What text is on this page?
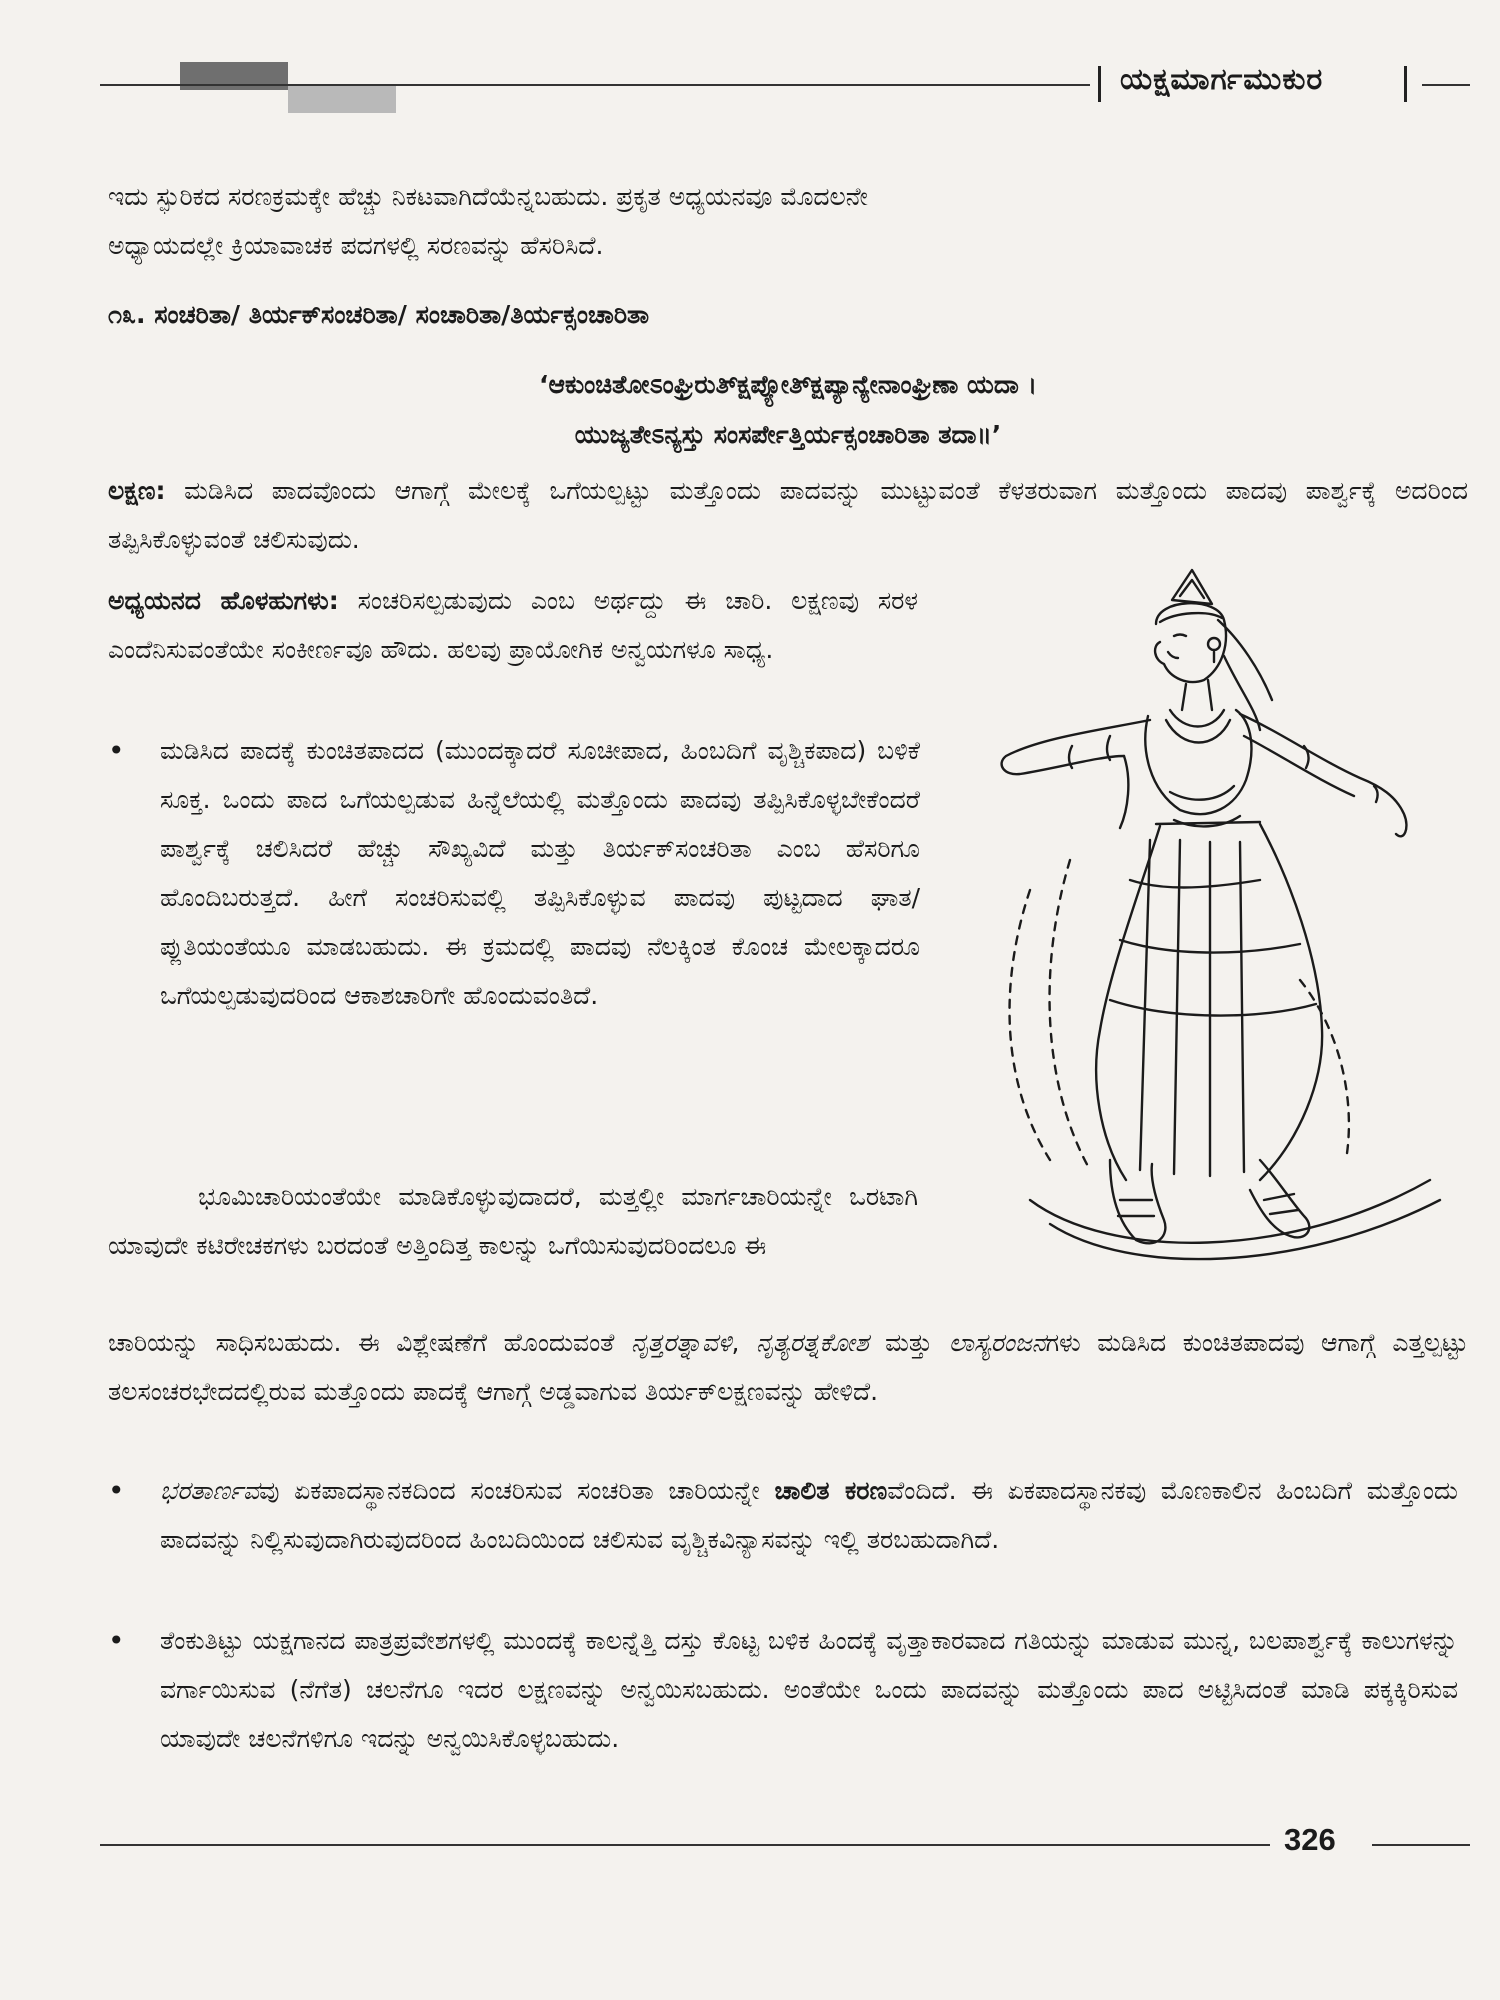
ಯಕ್ಷಮಾರ್ಗಮುಕುರ
ಇದು ಸ್ಫುರಿಕದ ಸರಣಕ್ರಮಕ್ಕೇ ಹೆಚ್ಚು ನಿಕಟವಾಗಿದೆಯೆನ್ನಬಹುದು. ಪ್ರಕೃತ ಅಧ್ಯಯನವೂ ಮೊದಲನೇ
ಅಧ್ಯಾಯದಲ್ಲೇ ಕ್ರಿಯಾವಾಚಕ ಪದಗಳಲ್ಲಿ ಸರಣವನ್ನು ಹೆಸರಿಸಿದೆ.
೧೩. ಸಂಚರಿತಾ/ ತಿರ್ಯಕ್‌ಸಂಚರಿತಾ/ ಸಂಚಾರಿತಾ/ತಿರ್ಯಕ್ಸಂಚಾರಿತಾ
‘ಆಕುಂಚಿತೋಽಂಘ್ರಿರುತ್ಕ್ಷಿಪ್ಯೋತ್ಕ್ಷಿಪ್ಯಾನ್ಯೇನಾಂಘ್ರಿಣಾ ಯದಾ ।
ಯುಜ್ಯತೇಽನ್ಯಸ್ತು ಸಂಸರ್ಪೇತ್ತಿರ್ಯಕ್ಸಂಚಾರಿತಾ ತದಾ॥’

ಲಕ್ಷಣ: ಮಡಿಸಿದ ಪಾದವೊಂದು ಆಗಾಗ್ಗೆ ಮೇಲಕ್ಕೆ ಒಗೆಯಲ್ಪಟ್ಟು ಮತ್ತೊಂದು ಪಾದವನ್ನು ಮುಟ್ಟುವಂತೆ ಕೆಳತರುವಾಗ ಮತ್ತೊಂದು ಪಾದವು ಪಾರ್ಶ್ವಕ್ಕೆ ಅದರಿಂದ ತಪ್ಪಿಸಿಕೊಳ್ಳುವಂತೆ ಚಲಿಸುವುದು.

ಅಧ್ಯಯನದ ಹೊಳಹುಗಳು: ಸಂಚರಿಸಲ್ಪಡುವುದು ಎಂಬ ಅರ್ಥದ್ದು ಈ ಚಾರಿ. ಲಕ್ಷಣವು ಸರಳ ಎಂದೆನಿಸುವಂತೆಯೇ ಸಂಕೀರ್ಣವೂ ಹೌದು. ಹಲವು ಪ್ರಾಯೋಗಿಕ ಅನ್ವಯಗಳೂ ಸಾಧ್ಯ.

• ಮಡಿಸಿದ ಪಾದಕ್ಕೆ ಕುಂಚಿತಪಾದದ (ಮುಂದಕ್ಕಾದರೆ ಸೂಚೀಪಾದ, ಹಿಂಬದಿಗೆ ವೃಶ್ಚಿಕಪಾದ) ಬಳಿಕೆ ಸೂಕ್ತ. ಒಂದು ಪಾದ ಒಗೆಯಲ್ಪಡುವ ಹಿನ್ನೆಲೆಯಲ್ಲಿ ಮತ್ತೊಂದು ಪಾದವು ತಪ್ಪಿಸಿಕೊಳ್ಳಬೇಕೆಂದರೆ ಪಾರ್ಶ್ವಕ್ಕೆ ಚಲಿಸಿದರೆ ಹೆಚ್ಚು ಸೌಖ್ಯವಿದೆ ಮತ್ತು ತಿರ್ಯಕ್‌ಸಂಚರಿತಾ ಎಂಬ ಹೆಸರಿಗೂ ಹೊಂದಿಬರುತ್ತದೆ. ಹೀಗೆ ಸಂಚರಿಸುವಲ್ಲಿ ತಪ್ಪಿಸಿಕೊಳ್ಳುವ ಪಾದವು ಪುಟ್ಟದಾದ ಘಾತ/ಪ್ಲುತಿಯಂತೆಯೂ ಮಾಡಬಹುದು. ಈ ಕ್ರಮದಲ್ಲಿ ಪಾದವು ನೆಲಕ್ಕಿಂತ ಕೊಂಚ ಮೇಲಕ್ಕಾದರೂ ಒಗೆಯಲ್ಪಡುವುದರಿಂದ ಆಕಾಶಚಾರಿಗೇ ಹೊಂದುವಂತಿದೆ.

ಭೂಮಿಚಾರಿಯಂತೆಯೇ ಮಾಡಿಕೊಳ್ಳುವುದಾದರೆ, ಮತ್ತಲ್ಲೀ ಮಾರ್ಗಚಾರಿಯನ್ನೇ ಒರಟಾಗಿ ಯಾವುದೇ ಕಟಿರೇಚಕಗಳು ಬರದಂತೆ ಅತ್ತಿಂದಿತ್ತ ಕಾಲನ್ನು ಒಗೆಯಿಸುವುದರಿಂದಲೂ ಈ

ಚಾರಿಯನ್ನು ಸಾಧಿಸಬಹುದು. ಈ ವಿಶ್ಲೇಷಣೆಗೆ ಹೊಂದುವಂತೆ ನೃತ್ತರತ್ನಾವಳಿ, ನೃತ್ಯರತ್ನಕೋಶ ಮತ್ತು ಲಾಸ್ಯರಂಜನಗಳು ಮಡಿಸಿದ ಕುಂಚಿತಪಾದವು ಆಗಾಗ್ಗೆ ಎತ್ತಲ್ಪಟ್ಟು ತಲಸಂಚರಭೇದದಲ್ಲಿರುವ ಮತ್ತೊಂದು ಪಾದಕ್ಕೆ ಆಗಾಗ್ಗೆ ಅಡ್ಡವಾಗುವ ತಿರ್ಯಕ್‌ಲಕ್ಷಣವನ್ನು ಹೇಳಿದೆ.

• ಭರತಾರ್ಣವವು ಏಕಪಾದಸ್ಥಾನಕದಿಂದ ಸಂಚರಿಸುವ ಸಂಚರಿತಾ ಚಾರಿಯನ್ನೇ ಚಾಲಿತ ಕರಣವೆಂದಿದೆ. ಈ ಏಕಪಾದಸ್ಥಾನಕವು ಮೊಣಕಾಲಿನ ಹಿಂಬದಿಗೆ ಮತ್ತೊಂದು ಪಾದವನ್ನು ನಿಲ್ಲಿಸುವುದಾಗಿರುವುದರಿಂದ ಹಿಂಬದಿಯಿಂದ ಚಲಿಸುವ ವೃಶ್ಚಿಕವಿನ್ಯಾಸವನ್ನು ಇಲ್ಲಿ ತರಬಹುದಾಗಿದೆ.

• ತೆಂಕುತಿಟ್ಟು ಯಕ್ಷಗಾನದ ಪಾತ್ರಪ್ರವೇಶಗಳಲ್ಲಿ ಮುಂದಕ್ಕೆ ಕಾಲನ್ನೆತ್ತಿ ದಸ್ತು ಕೊಟ್ಟ ಬಳಿಕ ಹಿಂದಕ್ಕೆ ವೃತ್ತಾಕಾರವಾದ ಗತಿಯನ್ನು ಮಾಡುವ ಮುನ್ನ, ಬಲಪಾರ್ಶ್ವಕ್ಕೆ ಕಾಲುಗಳನ್ನು ವರ್ಗಾಯಿಸುವ (ನೆಗೆತ) ಚಲನೆಗೂ ಇದರ ಲಕ್ಷಣವನ್ನು ಅನ್ವಯಿಸಬಹುದು. ಅಂತೆಯೇ ಒಂದು ಪಾದವನ್ನು ಮತ್ತೊಂದು ಪಾದ ಅಟ್ಟಿಸಿದಂತೆ ಮಾಡಿ ಪಕ್ಕಕ್ಕಿರಿಸುವ ಯಾವುದೇ ಚಲನೆಗಳಿಗೂ ಇದನ್ನು ಅನ್ವಯಿಸಿಕೊಳ್ಳಬಹುದು.

326
